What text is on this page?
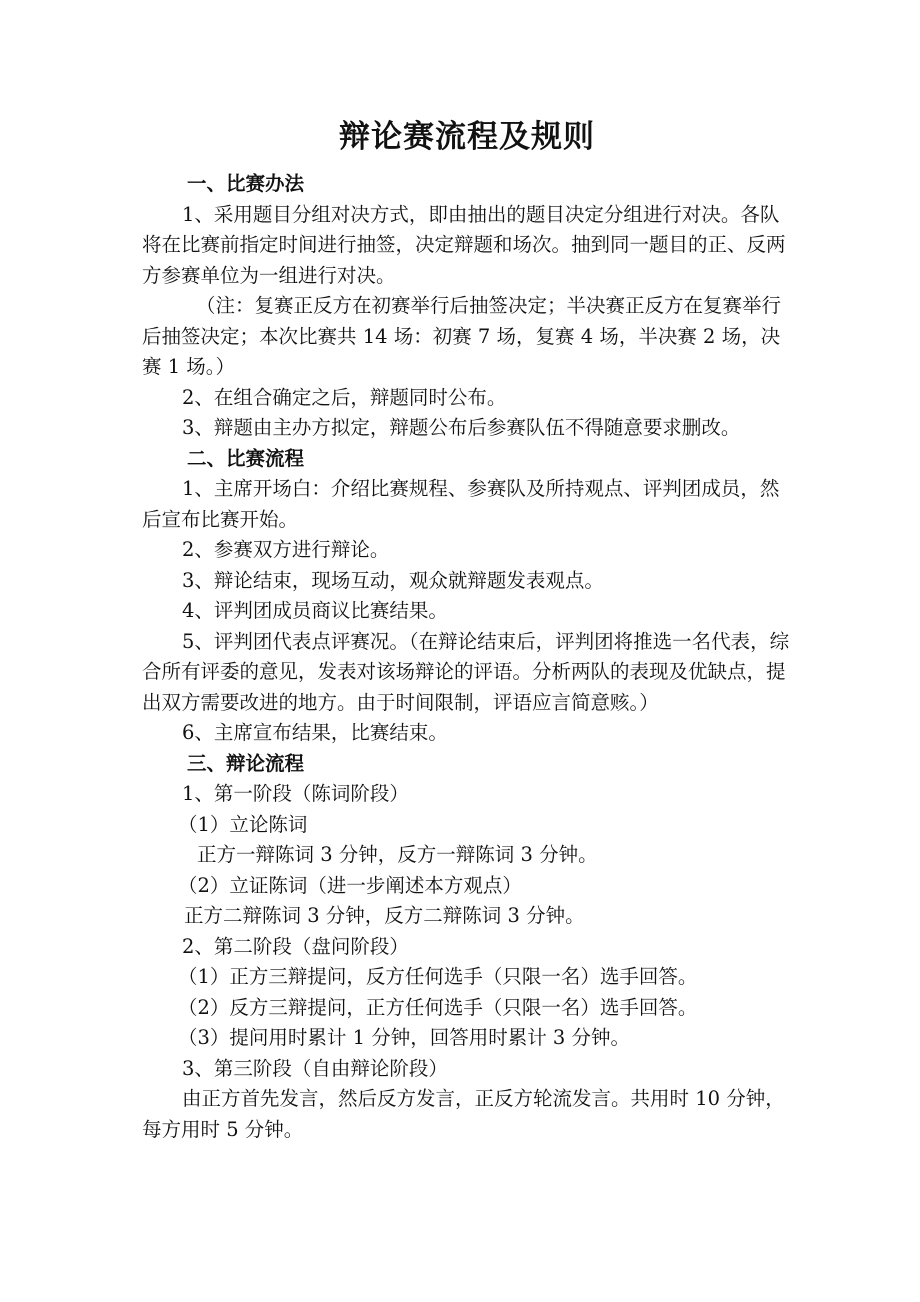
辩论赛流程及规则

一、比赛办法

1、采用题目分组对决方式，即由抽出的题目决定分组进行对决。各队将在比赛前指定时间进行抽签，决定辩题和场次。抽到同一题目的正、反两方参赛单位为一组进行对决。

（注：复赛正反方在初赛举行后抽签决定；半决赛正反方在复赛举行后抽签决定；本次比赛共 14 场：初赛 7 场，复赛 4 场，半决赛 2 场，决赛 1 场。）

2、在组合确定之后，辩题同时公布。

3、辩题由主办方拟定，辩题公布后参赛队伍不得随意要求删改。

二、比赛流程

1、主席开场白：介绍比赛规程、参赛队及所持观点、评判团成员，然后宣布比赛开始。

2、参赛双方进行辩论。

3、辩论结束，现场互动，观众就辩题发表观点。

4、评判团成员商议比赛结果。

5、评判团代表点评赛况。（在辩论结束后，评判团将推选一名代表，综合所有评委的意见，发表对该场辩论的评语。分析两队的表现及优缺点，提出双方需要改进的地方。由于时间限制，评语应言简意赅。）

6、主席宣布结果，比赛结束。

三、辩论流程

1、第一阶段（陈词阶段）

（1）立论陈词

正方一辩陈词 3 分钟，反方一辩陈词 3 分钟。

（2）立证陈词（进一步阐述本方观点）

正方二辩陈词 3 分钟，反方二辩陈词 3 分钟。

2、第二阶段（盘问阶段）

（1）正方三辩提问，反方任何选手（只限一名）选手回答。

（2）反方三辩提问，正方任何选手（只限一名）选手回答。

（3）提问用时累计 1 分钟，回答用时累计 3 分钟。

3、第三阶段（自由辩论阶段）

由正方首先发言，然后反方发言，正反方轮流发言。共用时 10 分钟，每方用时 5 分钟。
